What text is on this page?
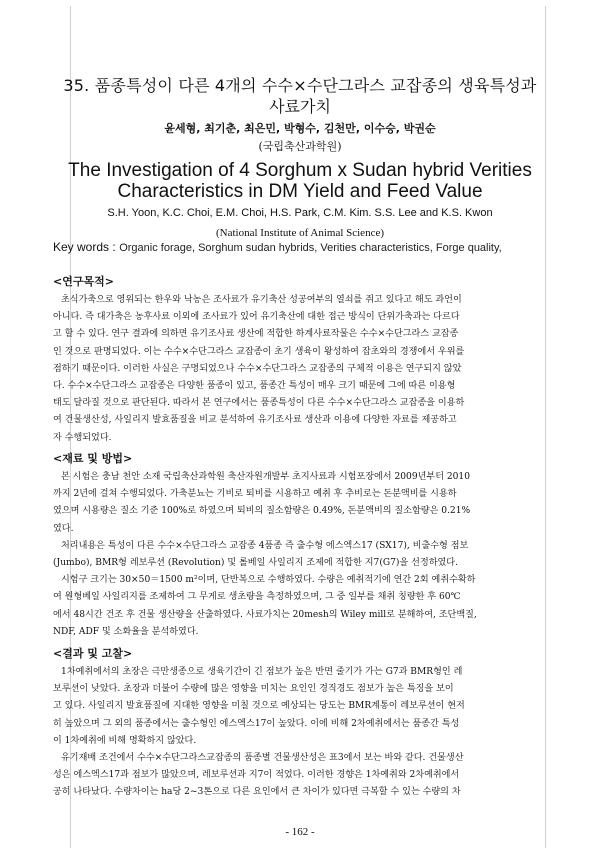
35. 품종특성이 다른 4개의 수수×수단그라스 교잡종의 생육특성과
사료가치
윤세형, 최기춘, 최은민, 박형수, 김천만, 이수승, 박권순
(국립축산과학원)
The Investigation of 4 Sorghum x Sudan hybrid Verities
Characteristics in DM Yield and Feed Value
S.H. Yoon, K.C. Choi, E.M. Choi, H.S. Park, C.M. Kim. S.S. Lee and K.S. Kwon
(National Institute of Animal Science)
Key words : Organic forage, Sorghum sudan hybrids, Verities characteristics, Forge quality,
<연구목적>
초식가축으로 영위되는 한우와 낙농은 조사료가 유기축산 성공여부의 열쇠를 쥐고 있다고 해도 과언이
아니다. 즉 대가축은 농후사료 이외에 조사료가 있어 유기축산에 대한 접근 방식이 단위가축과는 다르다
고 할 수 있다. 연구 결과에 의하면 유기조사료 생산에 적합한 하계사료작물은 수수×수단그라스 교잡종
인 것으로 판명되었다. 이는 수수×수단그라스 교잡종이 초기 생육이 왕성하여 잡초와의 경쟁에서 우위를
점하기 때문이다. 이러한 사실은 구명되었으나 수수×수단그라스 교잡종의 구체적 이용은 연구되지 않았
다. 수수×수단그라스 교잡종은 다양한 품종이 있고, 품종간 특성이 매우 크기 때문에 그에 따른 이용형
태도 달라질 것으로 판단된다. 따라서 본 연구에서는 품종특성이 다른 수수×수단그라스 교잡종을 이용하
여 건물생산성, 사일리지 발효품질을 비교 분석하여 유기조사료 생산과 이용에 다양한 자료를 제공하고
자 수행되었다.
<재료 및 방법>
본 시험은 충남 천안 소재 국립축산과학원 축산자원개발부 초지사료과 시험포장에서 2009년부터 2010
까지 2년에 걸쳐 수행되었다. 가축분뇨는 기비로 퇴비를 시용하고 예취 후 추비로는 돈분액비를 시용하
였으며 시용량은 질소 기준 100%로 하였으며 퇴비의 질소함량은 0.49%, 돈분액비의 질소함량은 0.21%
였다.
처리내용은 특성이 다른 수수×수단그라스 교잡종 4품종 즉 출수형 에스엑스17 (SX17), 비출수형 점보
(Jumbo), BMR형 레보루션 (Revolution) 및 롤베일 사일리지 조제에 적합한 지7(G7)을 선정하였다.
시험구 크기는 30×50＝1500 m²이며, 단반복으로 수행하였다. 수량은 예취적기에 연간 2회 예취수확하
여 원형베일 사일리지를 조제하여 그 무게로 생초량을 측정하였으며, 그 중 일부를 채취 칭량한 후 60℃
에서 48시간 건조 후 건물 생산량을 산출하였다. 사료가치는 20mesh의 Wiley mill로 분해하여, 조단백질,
NDF, ADF 및 소화율을 분석하였다.
<결과 및 고찰>
1차예취에서의 초장은 극만생종으로 생육기간이 긴 점보가 높은 반면 줄기가 가는 G7과 BMR형인 레
보루션이 낮았다. 초장과 더불어 수량에 많은 영향을 미치는 요인인 경직경도 점보가 높은 특징을 보이
고 있다. 사일리지 발효품질에 지대한 영향을 미칠 것으로 예상되는 당도는 BMR계통이 레보루션이 현저
히 높았으며 그 외의 품종에서는 출수형인 에스엑스17이 높았다. 이에 비해 2차예취에서는 품종간 특성
이 1차예취에 비해 명확하지 않았다.
유기재배 조건에서 수수×수단그라스교잡종의 품종별 건물생산성은 표3에서 보는 바와 같다. 건물생산
성은 에스엑스17과 점보가 많았으며, 레보루션과 지7이 적었다. 이러한 경향은 1차예취와 2차예취에서
공히 나타났다. 수량차이는 ha당 2~3톤으로 다른 요인에서 큰 차이가 있다면 극복할 수 있는 수량의 차
- 162 -
